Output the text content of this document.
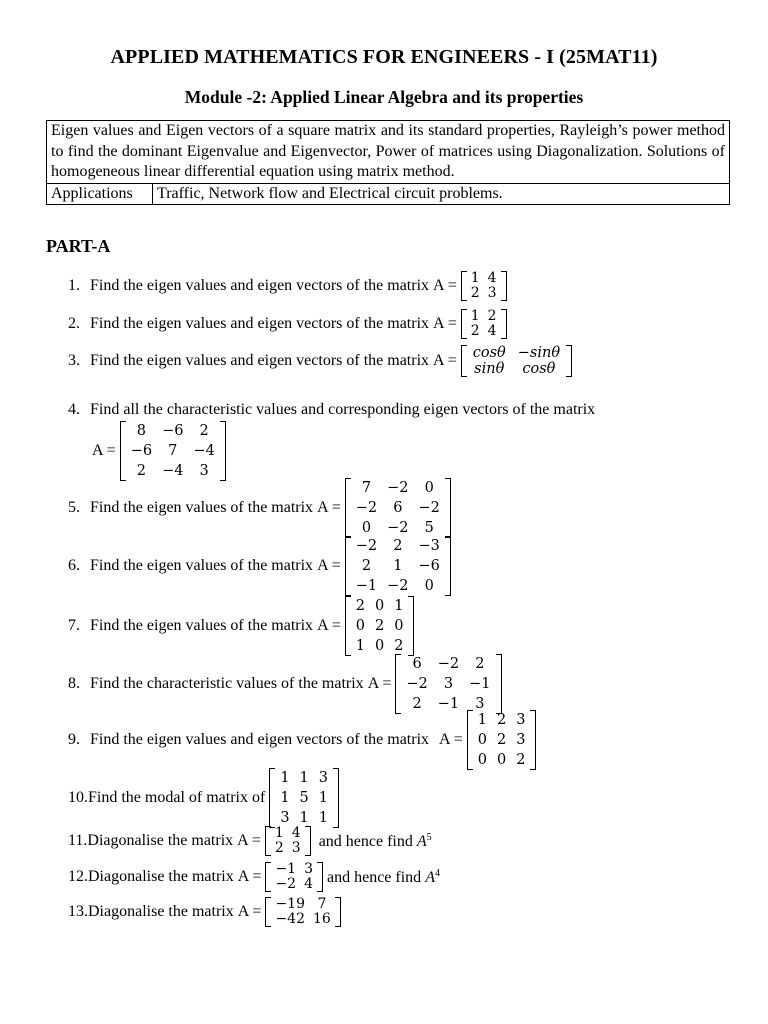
APPLIED MATHEMATICS FOR ENGINEERS - I (25MAT11)
Module -2: Applied Linear Algebra and its properties
Eigen values and Eigen vectors of a square matrix and its standard properties, Rayleigh’s power method to find the dominant Eigenvalue and Eigenvector, Power of matrices using Diagonalization. Solutions of homogeneous linear differential equation using matrix method.
Applications	Traffic, Network flow and Electrical circuit problems.
PART-A
1. Find the eigen values and eigen vectors of the matrix A = 1	4
2	3
2. Find the eigen values and eigen vectors of the matrix A = 1	2
2	4
3. Find the eigen values and eigen vectors of the matrix A = cosθ	−sinθ
sinθ	cosθ
4. Find all the characteristic values and corresponding eigen vectors of the matrix
A =
8	−6	2
−6	7	−4
2	−4	3
5. Find the eigen values of the matrix A =
7	−2	0
−2	6	−2
0	−2	5
6. Find the eigen values of the matrix A =
−2	2	−3
2	1	−6
−1	−2	0
7. Find the eigen values of the matrix A =
2	0	1
0	2	0
1	0	2
8. Find the characteristic values of the matrix A =
6	−2	2
−2	3	−1
2	−1	3
9. Find the eigen values and eigen vectors of the matrix A =
1	2	3
0	2	3
0	0	2
10. Find the modal of matrix of
1	1	3
1	5	1
3	1	1
11. Diagonalise the matrix A = 1	4
2	3 and hence find $A^5$
12. Diagonalise the matrix A = −1	3
−2	4 and hence find $A^4$
13. Diagonalise the matrix A = −19	7
−42	16
